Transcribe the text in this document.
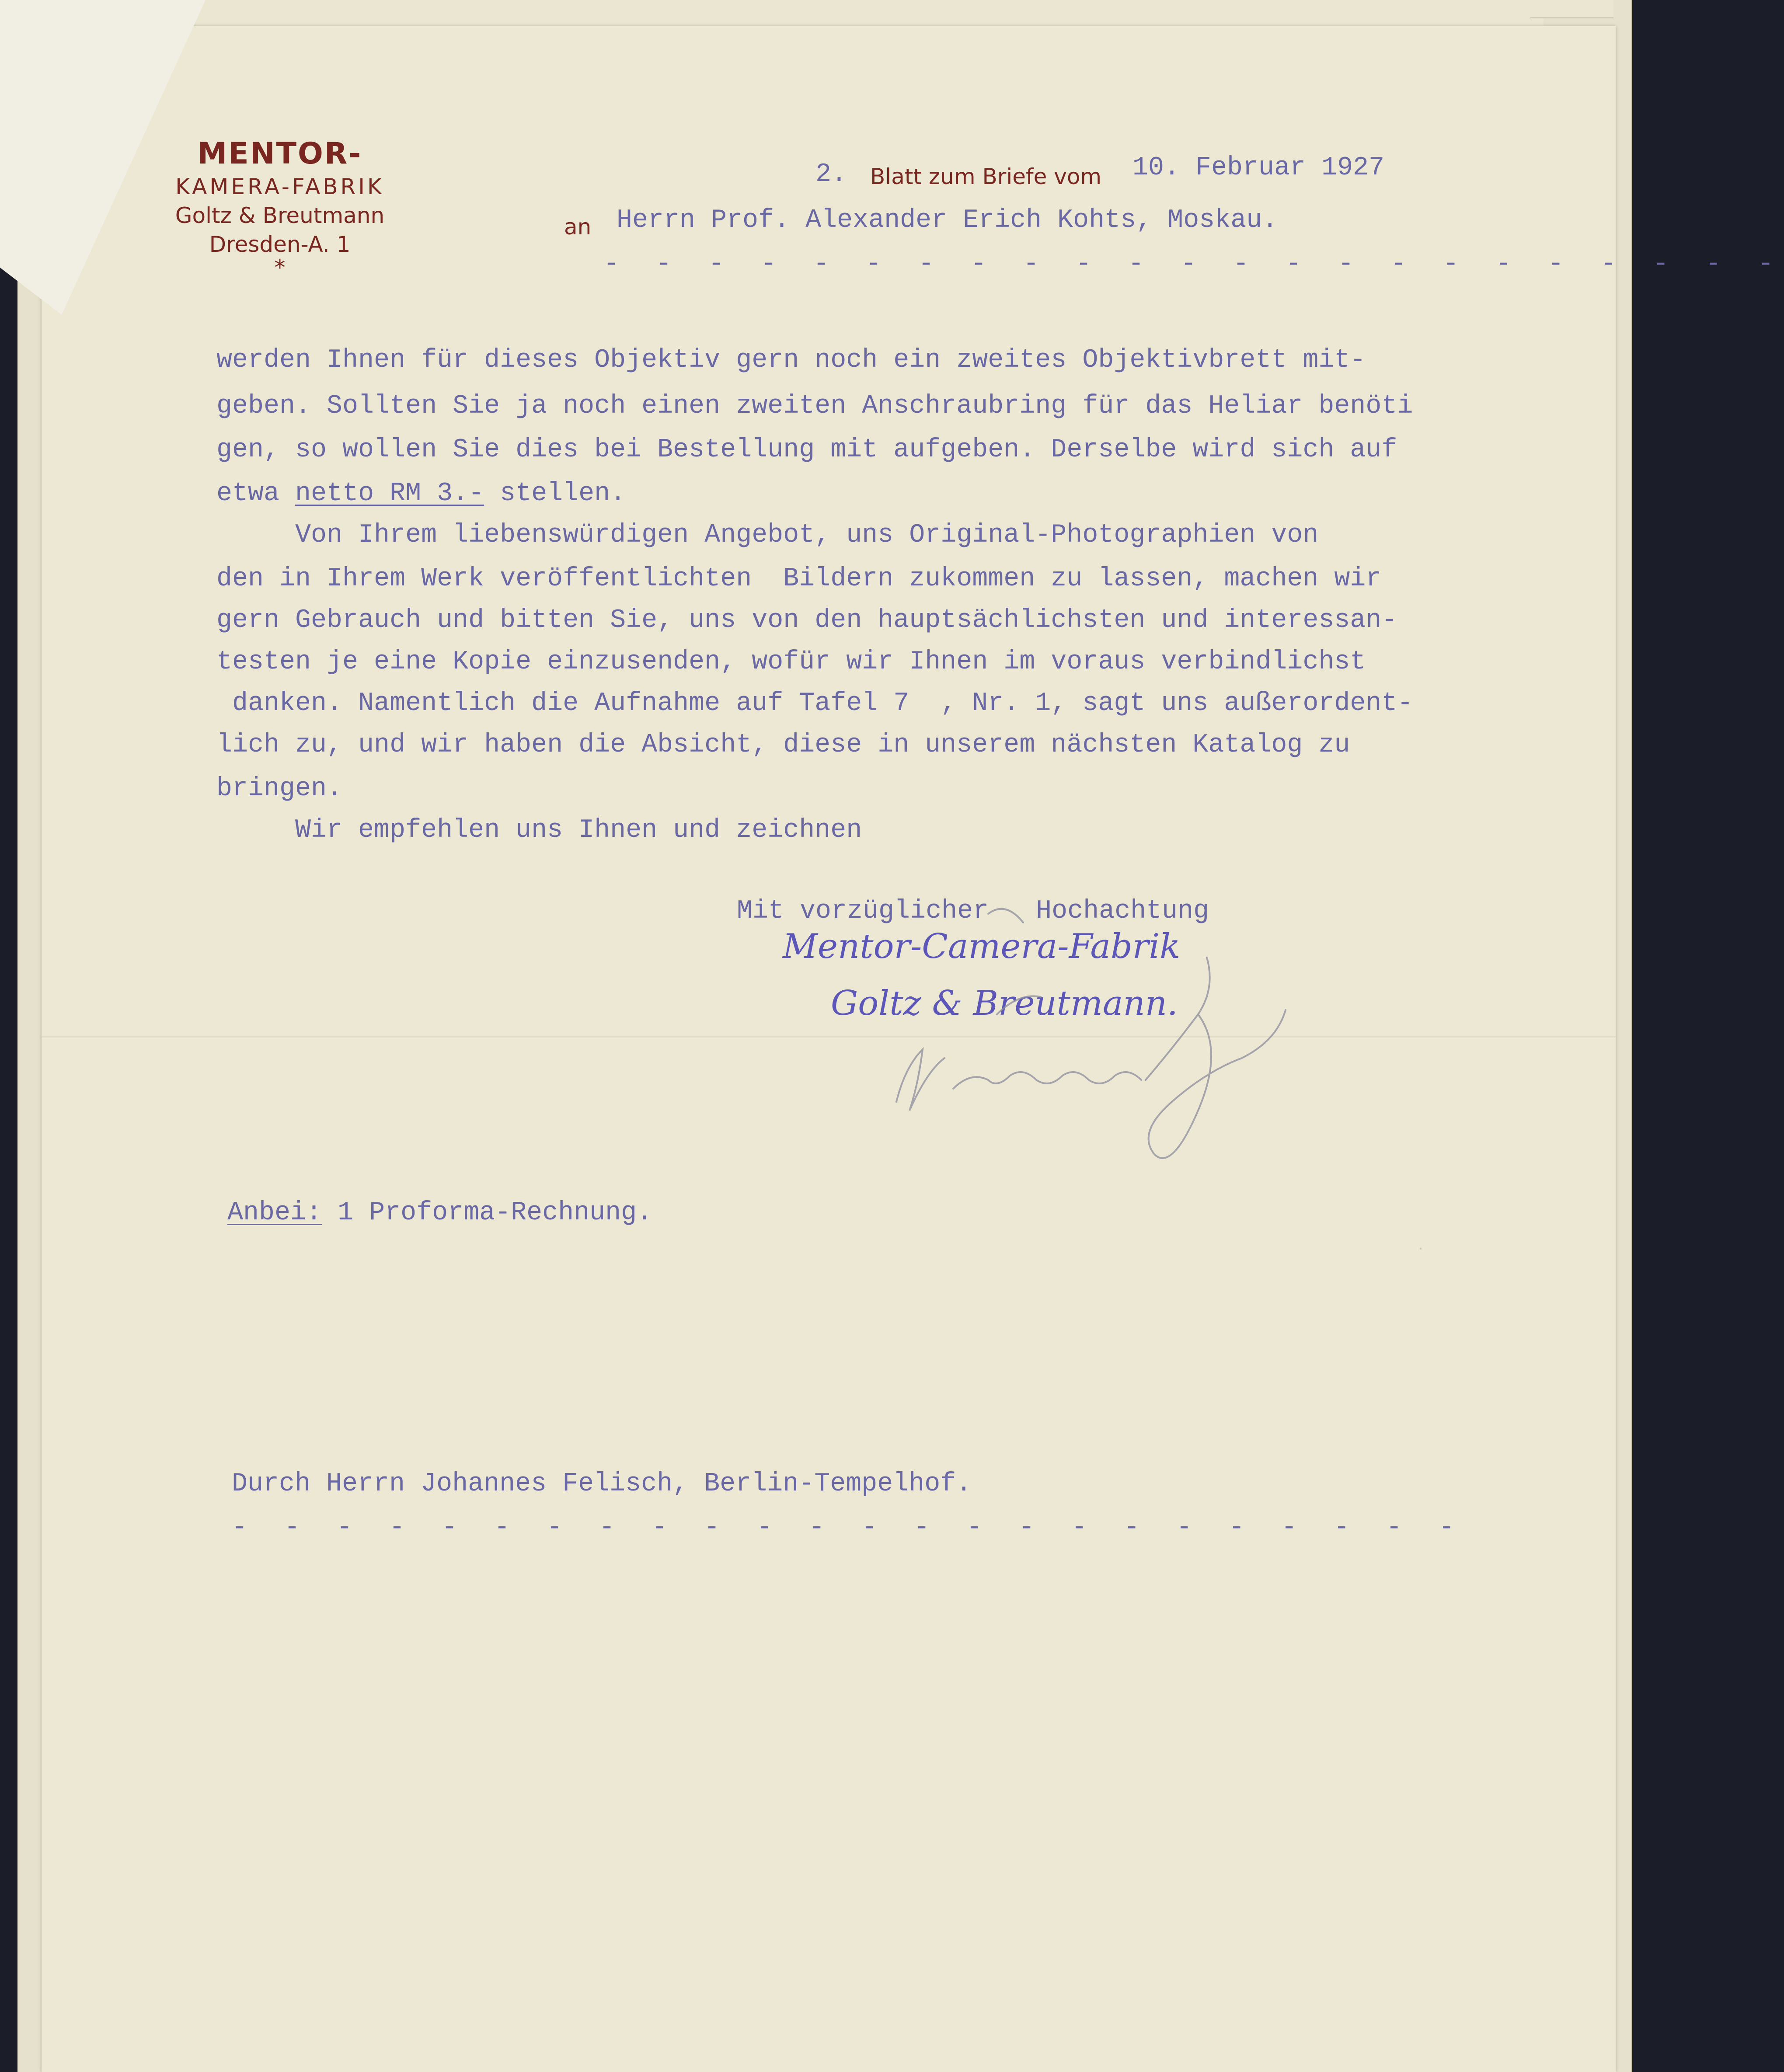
MENTOR-
KAMERA-FABRIK
Goltz & Breutmann
Dresden-A. 1
*
2. Blatt zum Briefe vom 10. Februar 1927
an Herrn Prof. Alexander Erich Kohts, Moskau.
- - - - - - - - - - - - - - - - - - - - - - -
werden Ihnen für dieses Objektiv gern noch ein zweites Objektivbrett mit-
geben. Sollten Sie ja noch einen zweiten Anschraubring für das Heliar benöti
gen, so wollen Sie dies bei Bestellung mit aufgeben. Derselbe wird sich auf
etwa netto RM 3.- stellen.
Von Ihrem liebenswürdigen Angebot, uns Original-Photographien von
den in Ihrem Werk veröffentlichten  Bildern zukommen zu lassen, machen wir
gern Gebrauch und bitten Sie, uns von den hauptsächlichsten und interessan-
testen je eine Kopie einzusenden, wofür wir Ihnen im voraus verbindlichst
danken. Namentlich die Aufnahme auf Tafel 7  , Nr. 1, sagt uns außerordent-
lich zu, und wir haben die Absicht, diese in unserem nächsten Katalog zu
bringen.
Wir empfehlen uns Ihnen und zeichnen
Mit vorzüglicher   Hochachtung
Mentor-Camera-Fabrik
Goltz & Breutmann.
Anbei: 1 Proforma-Rechnung.
Durch Herrn Johannes Felisch, Berlin-Tempelhof.
- - - - - - - - - - - - - - - - - - - - - - - -
·
